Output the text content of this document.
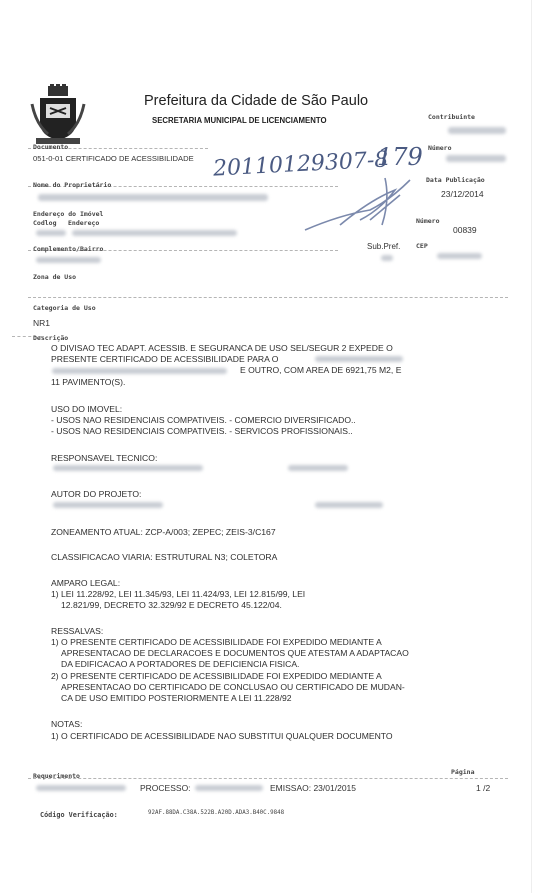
Prefeitura da Cidade de São Paulo
SECRETARIA MUNICIPAL DE LICENCIAMENTO	Contribuinte
Número
Documento
051-0-01 CERTIFICADO DE ACESSIBILIDADE 20110129307-8
179
Nome do Proprietário
Data Publicação
23/12/2014
Endereço do Imóvel
Codlog Endereço	Número
00839
Complemento/Bairro	Sub.Pref. CEP
Zona de Uso
Categoria de Uso
NR1
Descrição
O DIVISAO TEC ADAPT. ACESSIB. E SEGURANCA DE USO SEL/SEGUR 2 EXPEDE O
PRESENTE CERTIFICADO DE ACESSIBILIDADE PARA O
E OUTRO, COM AREA DE 6921,75 M2, E
11 PAVIMENTO(S).
USO DO IMOVEL:
- USOS NAO RESIDENCIAIS COMPATIVEIS. - COMERCIO DIVERSIFICADO..
- USOS NAO RESIDENCIAIS COMPATIVEIS. - SERVICOS PROFISSIONAIS..
RESPONSAVEL TECNICO:
AUTOR DO PROJETO:
ZONEAMENTO ATUAL: ZCP-A/003; ZEPEC; ZEIS-3/C167
CLASSIFICACAO VIARIA: ESTRUTURAL N3; COLETORA
AMPARO LEGAL:
1) LEI 11.228/92, LEI 11.345/93, LEI 11.424/93, LEI 12.815/99, LEI
12.821/99, DECRETO 32.329/92 E DECRETO 45.122/04.
RESSALVAS:
1) O PRESENTE CERTIFICADO DE ACESSIBILIDADE FOI EXPEDIDO MEDIANTE A
APRESENTACAO DE DECLARACOES E DOCUMENTOS QUE ATESTAM A ADAPTACAO
DA EDIFICACAO A PORTADORES DE DEFICIENCIA FISICA.
2) O PRESENTE CERTIFICADO DE ACESSIBILIDADE FOI EXPEDIDO MEDIANTE A
APRESENTACAO DO CERTIFICADO DE CONCLUSAO OU CERTIFICADO DE MUDAN-
CA DE USO EMITIDO POSTERIORMENTE A LEI 11.228/92
NOTAS:
1) O CERTIFICADO DE ACESSIBILIDADE NAO SUBSTITUI QUALQUER DOCUMENTO
Requerimento
PROCESSO:	EMISSAO: 23/01/2015
Página
1 /2
Código Verificação:	92AF.88DA.C38A.522B.A20D.ADA3.B40C.9848
